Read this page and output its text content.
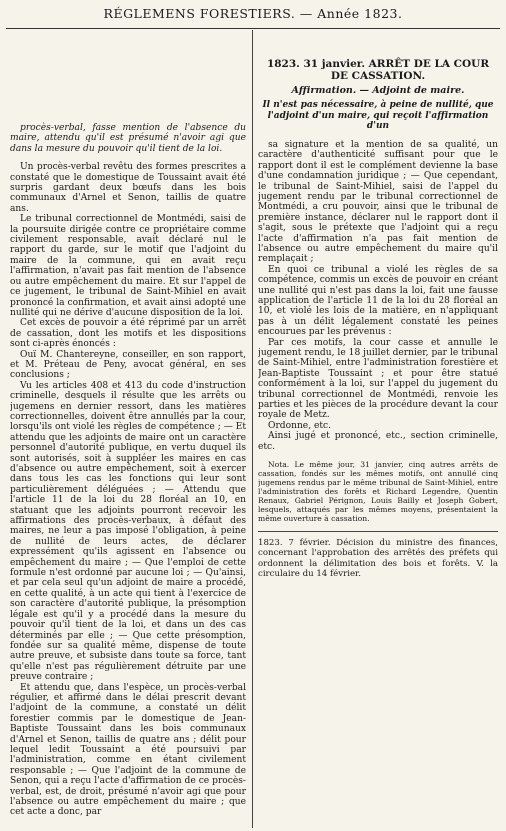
RÉGLEMENS FORESTIERS. — Année 1823.

procès-verbal, fasse mention de l'absence du maire, attendu qu'il est présumé n'avoir agi que dans la mesure du pouvoir qu'il tient de la loi.

Un procès-verbal revêtu des formes prescrites a constaté que le domestique de Toussaint avait été surpris gardant deux bœufs dans les bois communaux d'Arnel et Senon, taillis de quatre ans.

Le tribunal correctionnel de Montmédi, saisi de la poursuite dirigée contre ce propriétaire comme civilement responsable, avait déclaré nul le rapport du garde, sur le motif que l'adjoint du maire de la commune, qui en avait reçu l'affirmation, n'avait pas fait mention de l'absence ou autre empêchement du maire. Et sur l'appel de ce jugement, le tribunal de Saint-Mihiel en avait prononcé la confirmation, et avait ainsi adopté une nullité qui ne dérive d'aucune disposition de la loi.

Cet excès de pouvoir a été réprimé par un arrêt de cassation, dont les motifs et les dispositions sont ci-après énoncés :

Ouï M. Chantereyne, conseiller, en son rapport, et M. Préteau de Peny, avocat général, en ses conclusions ;

Vu les articles 408 et 413 du code d'instruction criminelle, desquels il résulte que les arrêts ou jugemens en dernier ressort, dans les matières correctionnelles, doivent être annullés par la cour, lorsqu'ils ont violé les règles de compétence ; — Et attendu que les adjoints de maire ont un caractère personnel d'autorité publique, en vertu duquel ils sont autorisés, soit à suppléer les maires en cas d'absence ou autre empêchement, soit à exercer dans tous les cas les fonctions qui leur sont particulièrement déléguées ; — Attendu que l'article 11 de la loi du 28 floréal an 10, en statuant que les adjoints pourront recevoir les affirmations des procès-verbaux, à défaut des maires, ne leur a pas imposé l'obligation, à peine de nullité de leurs actes, de déclarer expressément qu'ils agissent en l'absence ou empêchement du maire ; — Que l'emploi de cette formule n'est ordonné par aucune loi ; — Qu'ainsi, et par cela seul qu'un adjoint de maire a procédé, en cette qualité, à un acte qui tient à l'exercice de son caractère d'autorité publique, la présomption légale est qu'il y a procédé dans la mesure du pouvoir qu'il tient de la loi, et dans un des cas déterminés par elle ; — Que cette présomption, fondée sur sa qualité même, dispense de toute autre preuve, et subsiste dans toute sa force, tant qu'elle n'est pas régulièrement détruite par une preuve contraire ;

Et attendu que, dans l'espèce, un procès-verbal régulier, et affirmé dans le délai prescrit devant l'adjoint de la commune, a constaté un délit forestier commis par le domestique de Jean-Baptiste Toussaint dans les bois communaux d'Arnel et Senon, taillis de quatre ans ; délit pour lequel ledit Toussaint a été poursuivi par l'administration, comme en étant civilement responsable ; — Que l'adjoint de la commune de Senon, qui a reçu l'acte d'affirmation de ce procès-verbal, est, de droit, présumé n'avoir agi que pour l'absence ou autre empêchement du maire ; que cet acte a donc, par

1823. 31 janvier. ARRÊT DE LA COUR DE CASSATION.
Affirmation. — Adjoint de maire.
Il n'est pas nécessaire, à peine de nullité, que l'adjoint d'un maire, qui reçoit l'affirmation d'un

sa signature et la mention de sa qualité, un caractère d'authenticité suffisant pour que le rapport dont il est le complément devienne la base d'une condamnation juridique ; — Que cependant, le tribunal de Saint-Mihiel, saisi de l'appel du jugement rendu par le tribunal correctionnel de Montmédi, a cru pouvoir, ainsi que le tribunal de première instance, déclarer nul le rapport dont il s'agit, sous le prétexte que l'adjoint qui a reçu l'acte d'affirmation n'a pas fait mention de l'absence ou autre empêchement du maire qu'il remplaçait ;

En quoi ce tribunal a violé les règles de sa compétence, commis un excès de pouvoir en créant une nullité qui n'est pas dans la loi, fait une fausse application de l'article 11 de la loi du 28 floréal an 10, et violé les lois de la matière, en n'appliquant pas à un délit légalement constaté les peines encourues par les prévenus :

Par ces motifs, la cour casse et annulle le jugement rendu, le 18 juillet dernier, par le tribunal de Saint-Mihiel, entre l'administration forestière et Jean-Baptiste Toussaint ; et pour être statué conformément à la loi, sur l'appel du jugement du tribunal correctionnel de Montmédi, renvoie les parties et les pièces de la procédure devant la cour royale de Metz.

Ordonne, etc.

Ainsi jugé et prononcé, etc., section criminelle, etc.

Nota. Le même jour, 31 janvier, cinq autres arrêts de cassation, fondés sur les mêmes motifs, ont annullé cinq jugemens rendus par le même tribunal de Saint-Mihiel, entre l'administration des forêts et Richard Legendre, Quentin Renaux, Gabriel Pérignon, Louis Bailly et Joseph Gobert, lesquels, attaqués par les mêmes moyens, présentaient la même ouverture à cassation.

1823. 7 février. Décision du ministre des finances, concernant l'approbation des arrêtés des préfets qui ordonnent la délimitation des bois et forêts. V. la circulaire du 14 février.
